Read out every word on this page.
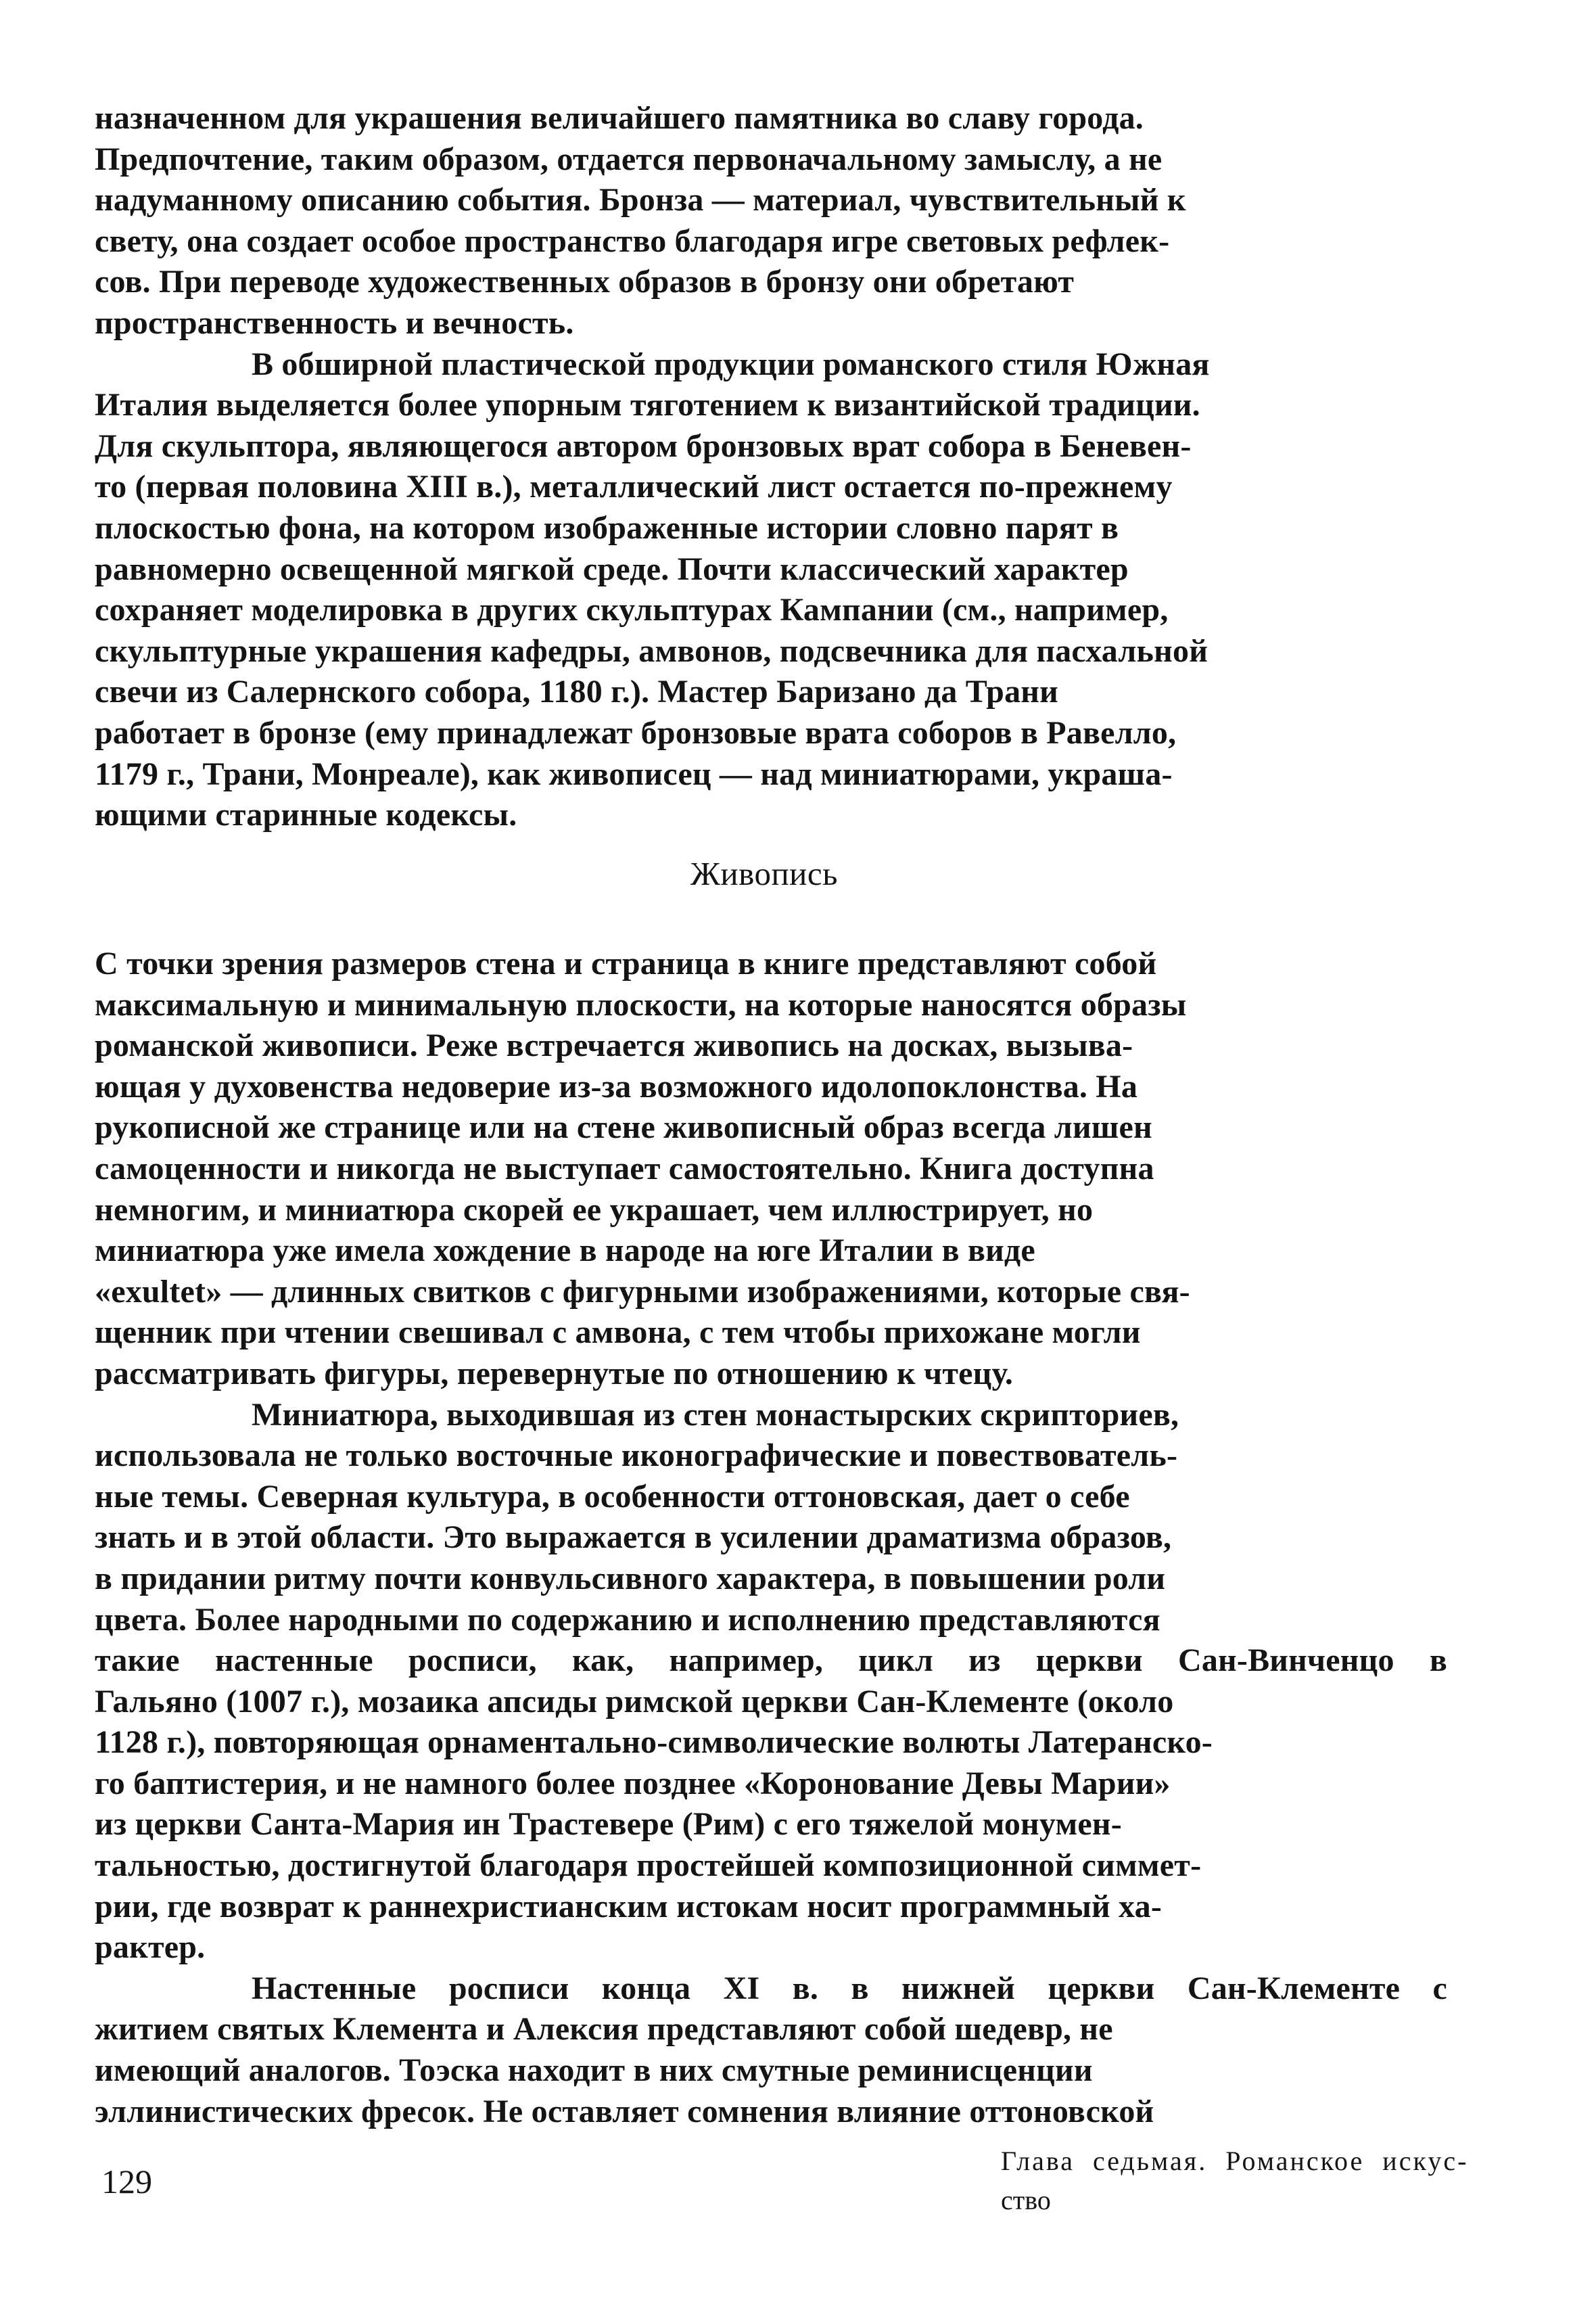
назначенном для украшения величайшего памятника во славу города.
Предпочтение, таким образом, отдается первоначальному замыслу, а не
надуманному описанию события. Бронза — материал, чувствительный к
свету, она создает особое пространство благодаря игре световых рефлек-
сов. При переводе художественных образов в бронзу они обретают
пространственность и вечность.
В обширной пластической продукции романского стиля Южная
Италия выделяется более упорным тяготением к византийской традиции.
Для скульптора, являющегося автором бронзовых врат собора в Беневен-
то (первая половина XIII в.), металлический лист остается по-прежнему
плоскостью фона, на котором изображенные истории словно парят в
равномерно освещенной мягкой среде. Почти классический характер
сохраняет моделировка в других скульптурах Кампании (см., например,
скульптурные украшения кафедры, амвонов, подсвечника для пасхальной
свечи из Салернского собора, 1180 г.). Мастер Баризано да Трани
работает в бронзе (ему принадлежат бронзовые врата соборов в Равелло,
1179 г., Трани, Монреале), как живописец — над миниатюрами, украша-
ющими старинные кодексы.
Живопись
С точки зрения размеров стена и страница в книге представляют собой
максимальную и минимальную плоскости, на которые наносятся образы
романской живописи. Реже встречается живопись на досках, вызыва-
ющая у духовенства недоверие из-за возможного идолопоклонства. На
рукописной же странице или на стене живописный образ всегда лишен
самоценности и никогда не выступает самостоятельно. Книга доступна
немногим, и миниатюра скорей ее украшает, чем иллюстрирует, но
миниатюра уже имела хождение в народе на юге Италии в виде
«exultet» — длинных свитков с фигурными изображениями, которые свя-
щенник при чтении свешивал с амвона, с тем чтобы прихожане могли
рассматривать фигуры, перевернутые по отношению к чтецу.
Миниатюра, выходившая из стен монастырских скрипториев,
использовала не только восточные иконографические и повествователь-
ные темы. Северная культура, в особенности оттоновская, дает о себе
знать и в этой области. Это выражается в усилении драматизма образов,
в придании ритму почти конвульсивного характера, в повышении роли
цвета. Более народными по содержанию и исполнению представляются
такие настенные росписи, как, например, цикл из церкви Сан-Винченцо в
Гальяно (1007 г.), мозаика апсиды римской церкви Сан-Клементе (около
1128 г.), повторяющая орнаментально-символические волюты Латеранско-
го баптистерия, и не намного более позднее «Коронование Девы Марии»
из церкви Санта-Мария ин Трастевере (Рим) с его тяжелой монумен-
тальностью, достигнутой благодаря простейшей композиционной симмет-
рии, где возврат к раннехристианским истокам носит программный ха-
рактер.
Настенные росписи конца XI в. в нижней церкви Сан-Клементе с
житием святых Клемента и Алексия представляют собой шедевр, не
имеющий аналогов. Тоэска находит в них смутные реминисценции
эллинистических фресок. Не оставляет сомнения влияние оттоновской
129
Глава седьмая. Романское искус-
ство
